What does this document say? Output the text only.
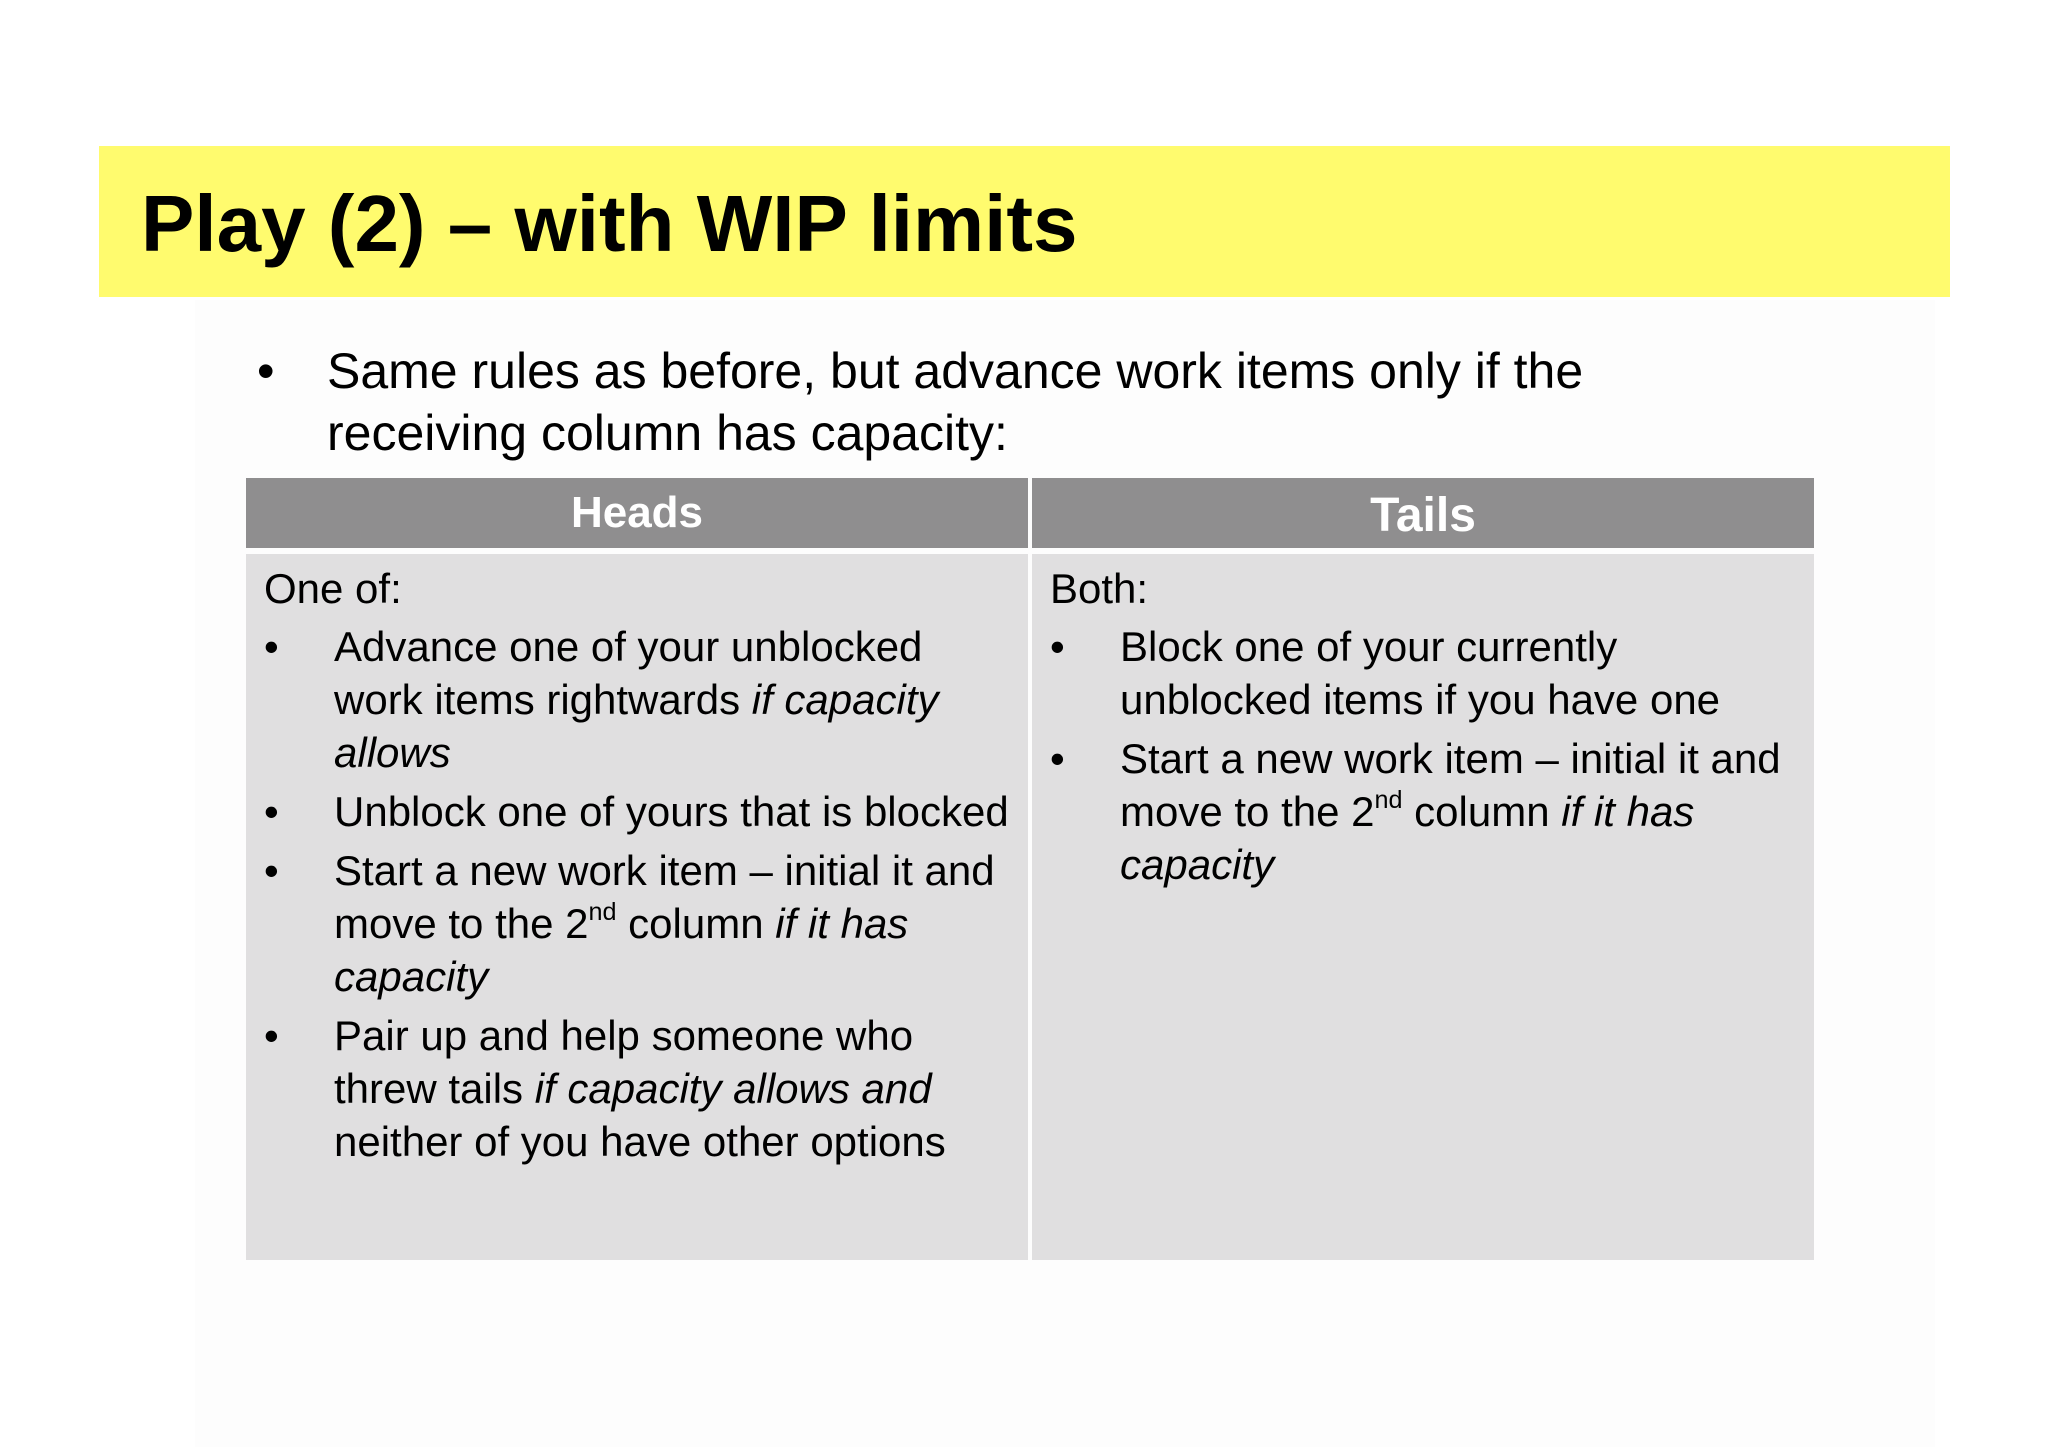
Play (2) – with WIP limits
•	Same rules as before, but advance work items only if the receiving column has capacity:
Heads	Tails

One of:

•	Advance one of your unblocked work items rightwards if capacity allows
•	Unblock one of yours that is blocked
•	Start a new work item – initial it and move to the 2nd column if it has capacity
•	Pair up and help someone who threw tails if capacity allows and neither of you have other options

Both:

•	Block one of your currently unblocked items if you have one
•	Start a new work item – initial it and move to the 2nd column if it has capacity
